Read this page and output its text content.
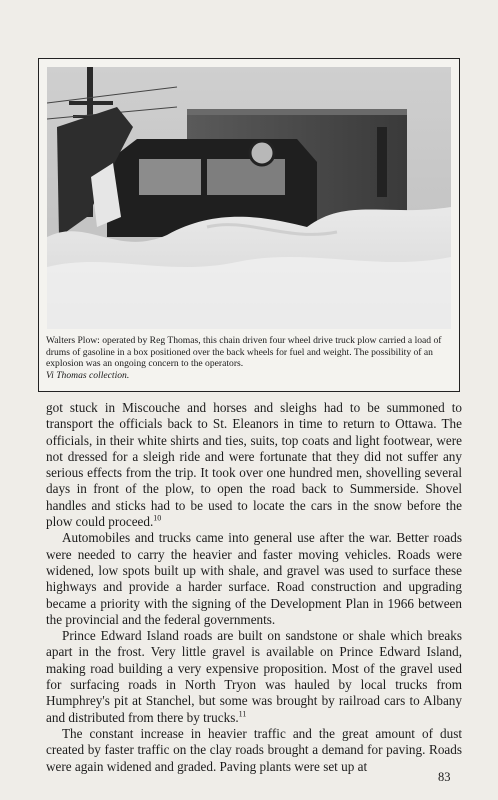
Walters Plow: operated by Reg Thomas, this chain driven four wheel drive truck plow carried a load of drums of gasoline in a box positioned over the back wheels for fuel and weight. The possibility of an explosion was an ongoing concern to the operators.
Vi Thomas collection.

got stuck in Miscouche and horses and sleighs had to be summoned to transport the officials back to St. Eleanors in time to return to Ottawa. The officials, in their white shirts and ties, suits, top coats and light footwear, were not dressed for a sleigh ride and were fortunate that they did not suffer any serious effects from the trip. It took over one hundred men, shovelling several days in front of the plow, to open the road back to Summerside. Shovel handles and sticks had to be used to locate the cars in the snow before the plow could proceed.$^{10}$

Automobiles and trucks came into general use after the war. Better roads were needed to carry the heavier and faster moving vehicles. Roads were widened, low spots built up with shale, and gravel was used to surface these highways and provide a harder surface. Road construction and upgrading became a priority with the signing of the Development Plan in 1966 between the provincial and the federal governments.

Prince Edward Island roads are built on sandstone or shale which breaks apart in the frost. Very little gravel is available on Prince Edward Island, making road building a very expensive proposition. Most of the gravel used for surfacing roads in North Tryon was hauled by local trucks from Humphrey's pit at Stanchel, but some was brought by railroad cars to Albany and distributed from there by trucks.$^{11}$

The constant increase in heavier traffic and the great amount of dust created by faster traffic on the clay roads brought a demand for paving. Roads were again widened and graded. Paving plants were set up at

83
